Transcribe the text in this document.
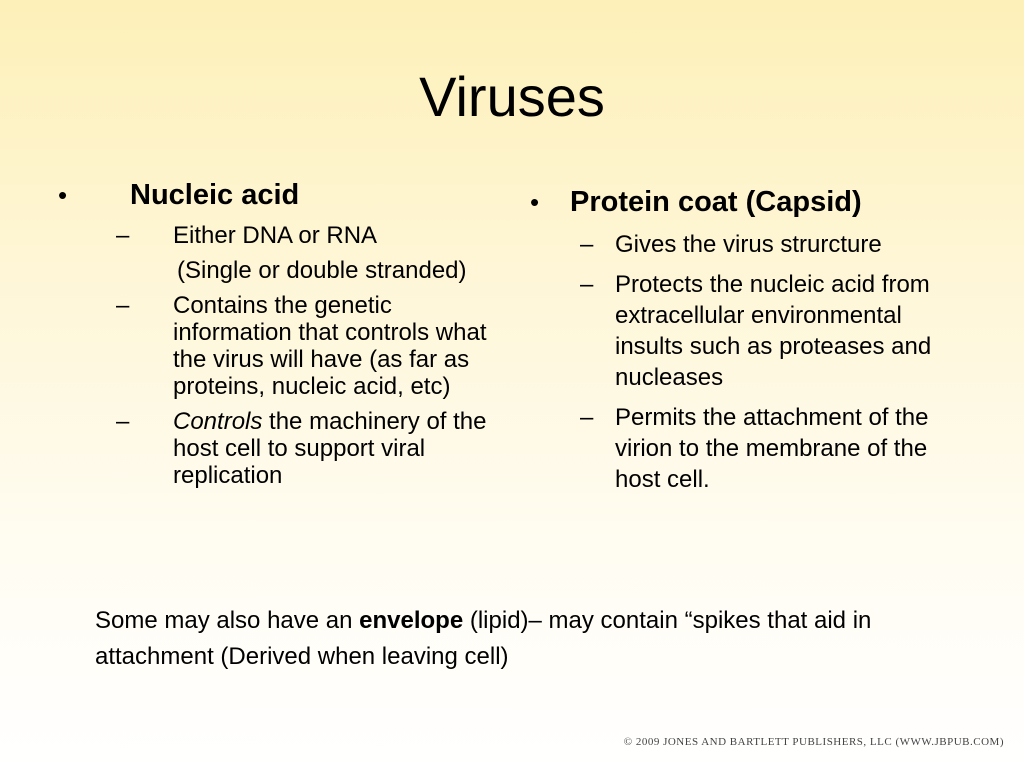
Viruses
• Nucleic acid
– Either DNA or RNA
(Single or double stranded)
– Contains the genetic information that controls what the virus will have (as far as proteins, nucleic acid, etc)
– Controls the machinery of the host cell to support viral replication
• Protein coat (Capsid)
– Gives the virus strurcture
– Protects the nucleic acid from extracellular environmental insults such as proteases and nucleases
– Permits the attachment of the virion to the membrane of the host cell.
Some may also have an envelope (lipid)– may contain “spikes that aid in attachment (Derived when leaving cell)
© 2009 JONES AND BARTLETT PUBLISHERS, LLC (WWW.JBPUB.COM)
